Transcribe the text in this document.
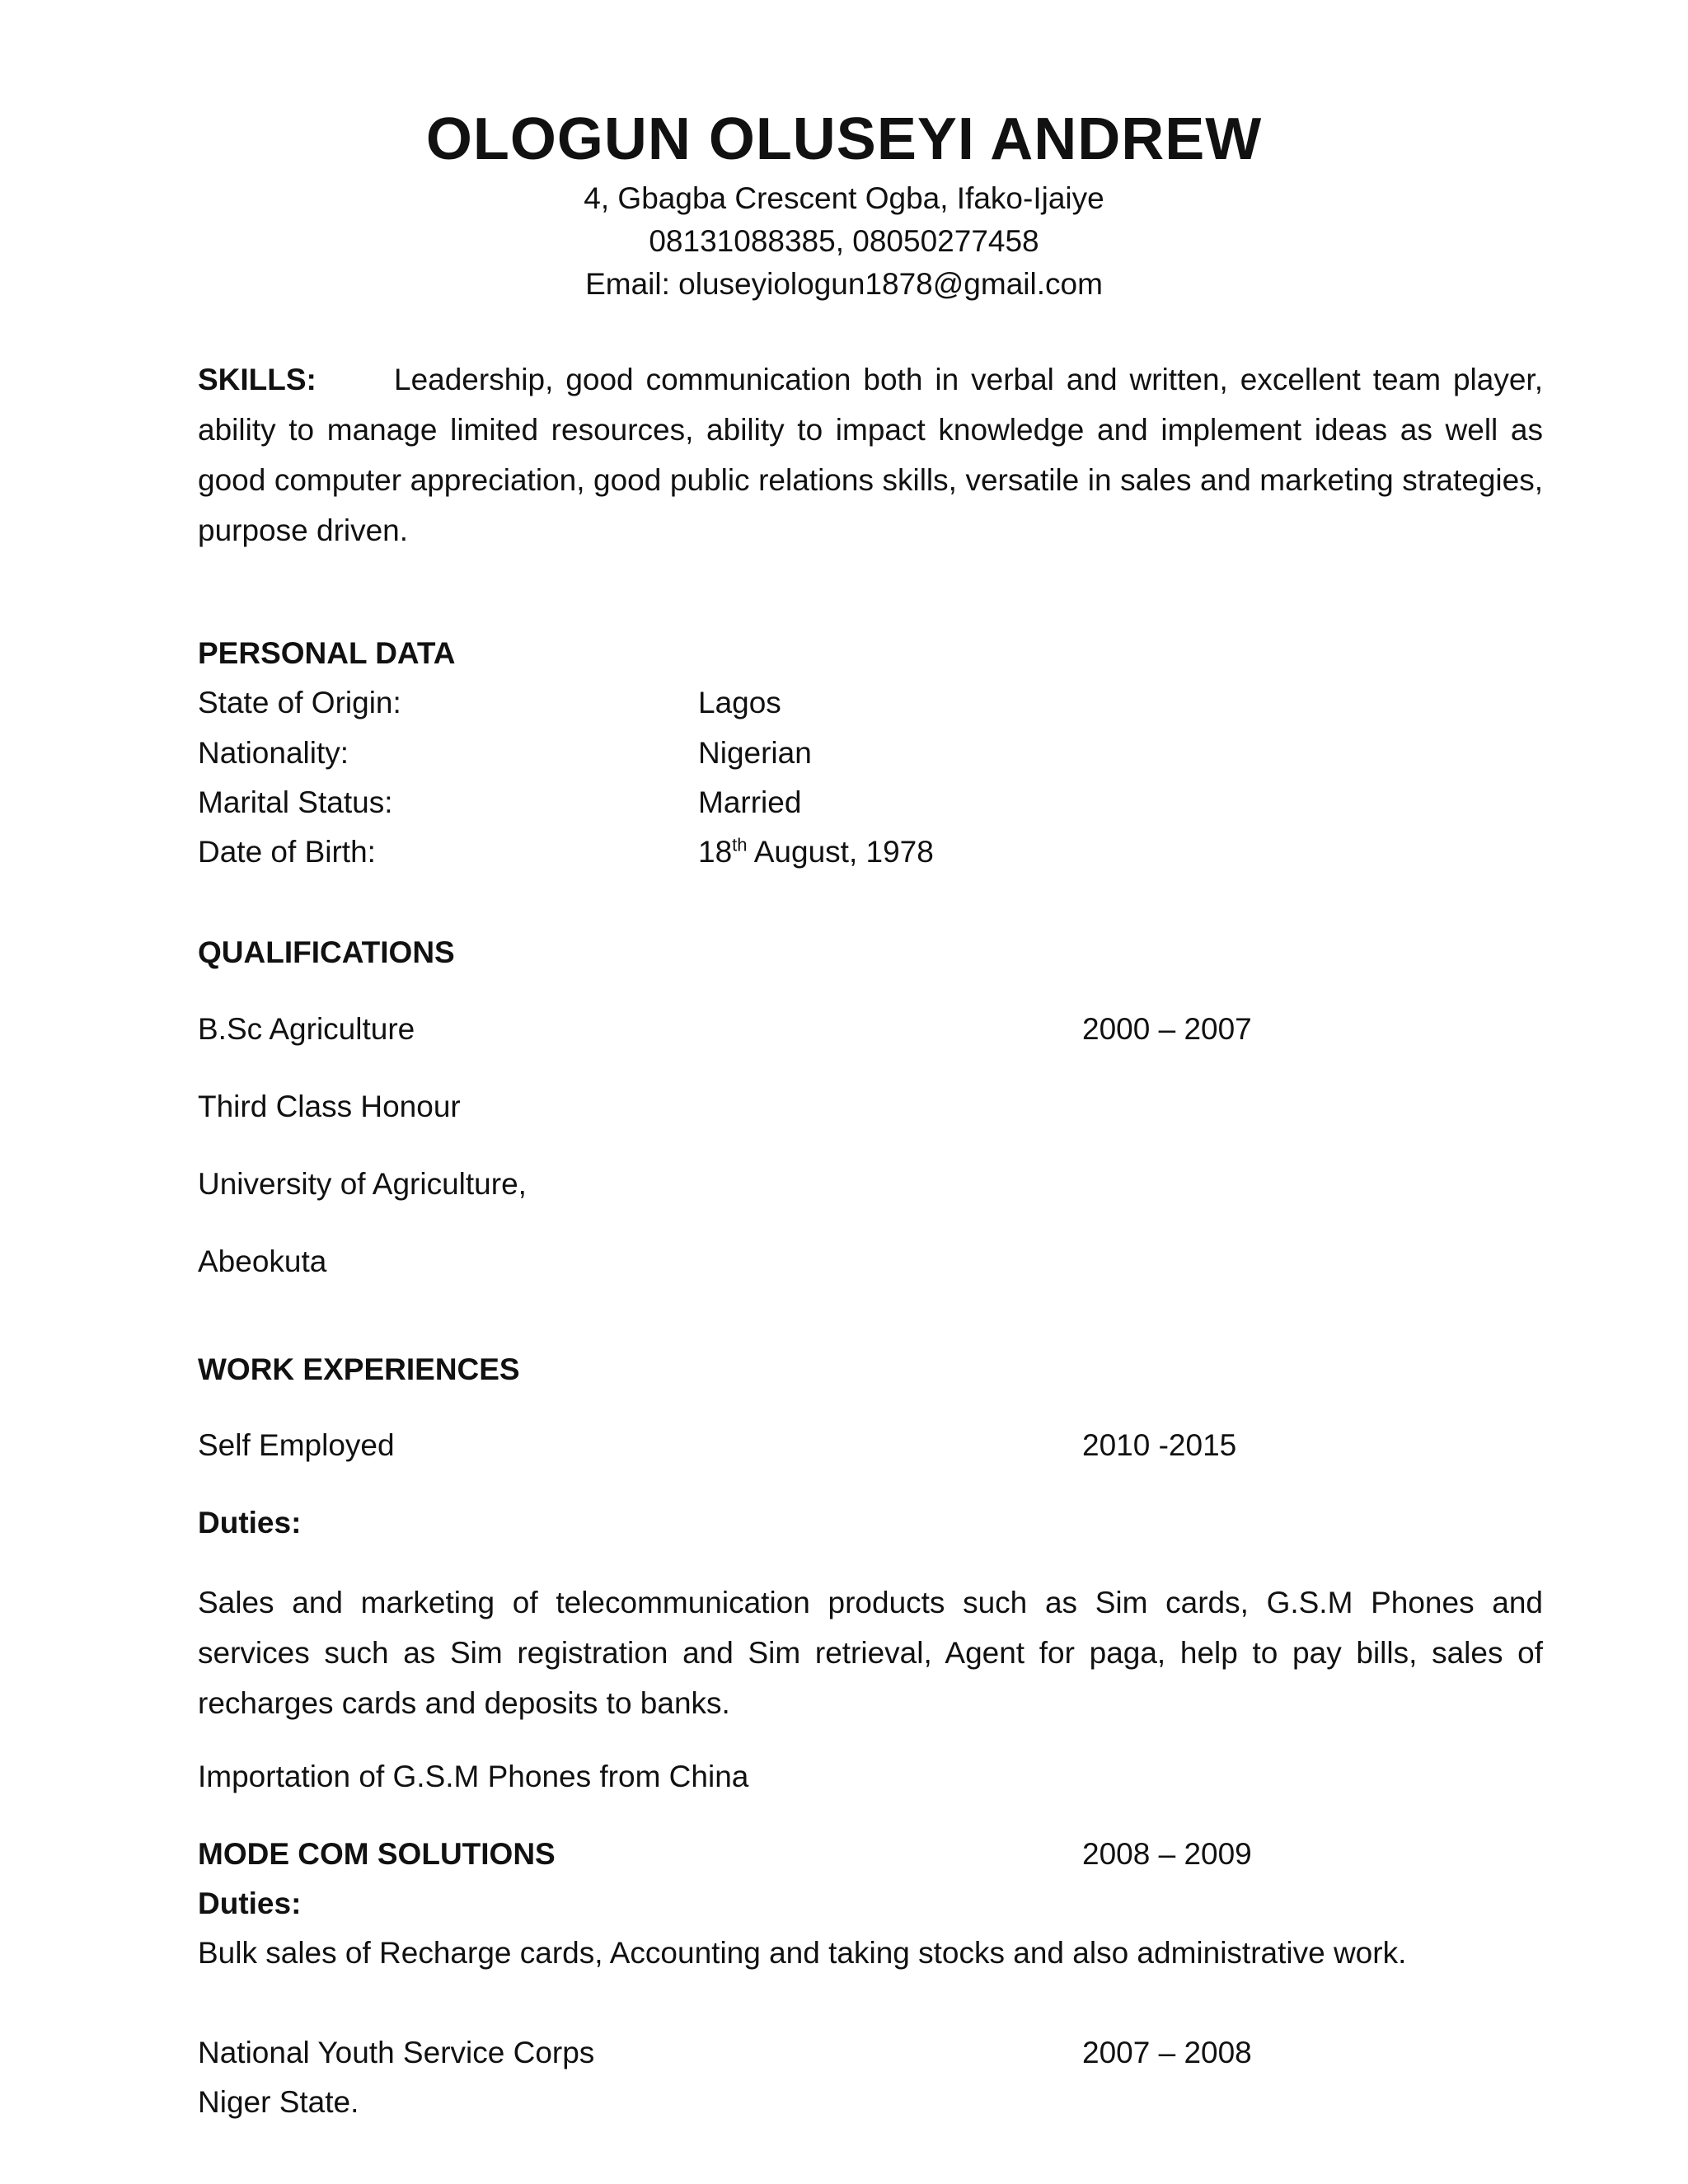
OLOGUN OLUSEYI ANDREW
4, Gbagba Crescent Ogba, Ifako-Ijaiye
08131088385, 08050277458
Email: oluseyiologun1878@gmail.com
SKILLS:	Leadership, good communication both in verbal and written, excellent team player, ability to manage limited resources, ability to impact knowledge and implement ideas as well as good computer appreciation, good public relations skills, versatile in sales and marketing strategies, purpose driven.
PERSONAL DATA
State of Origin:	Lagos
Nationality:	Nigerian
Marital Status:	Married
Date of Birth:	18th August, 1978
QUALIFICATIONS
B.Sc Agriculture	2000 – 2007
Third Class Honour
University of Agriculture,
Abeokuta
WORK EXPERIENCES
Self Employed	2010 -2015
Duties:
Sales and marketing of telecommunication products such as Sim cards, G.S.M Phones and services such as Sim registration and Sim retrieval, Agent for paga, help to pay bills, sales of recharges cards and deposits to banks.
Importation of G.S.M Phones from China
MODE COM SOLUTIONS	2008 – 2009
Duties:
Bulk sales of Recharge cards, Accounting and taking stocks and also administrative work.
National Youth Service Corps	2007 – 2008
Niger State.
